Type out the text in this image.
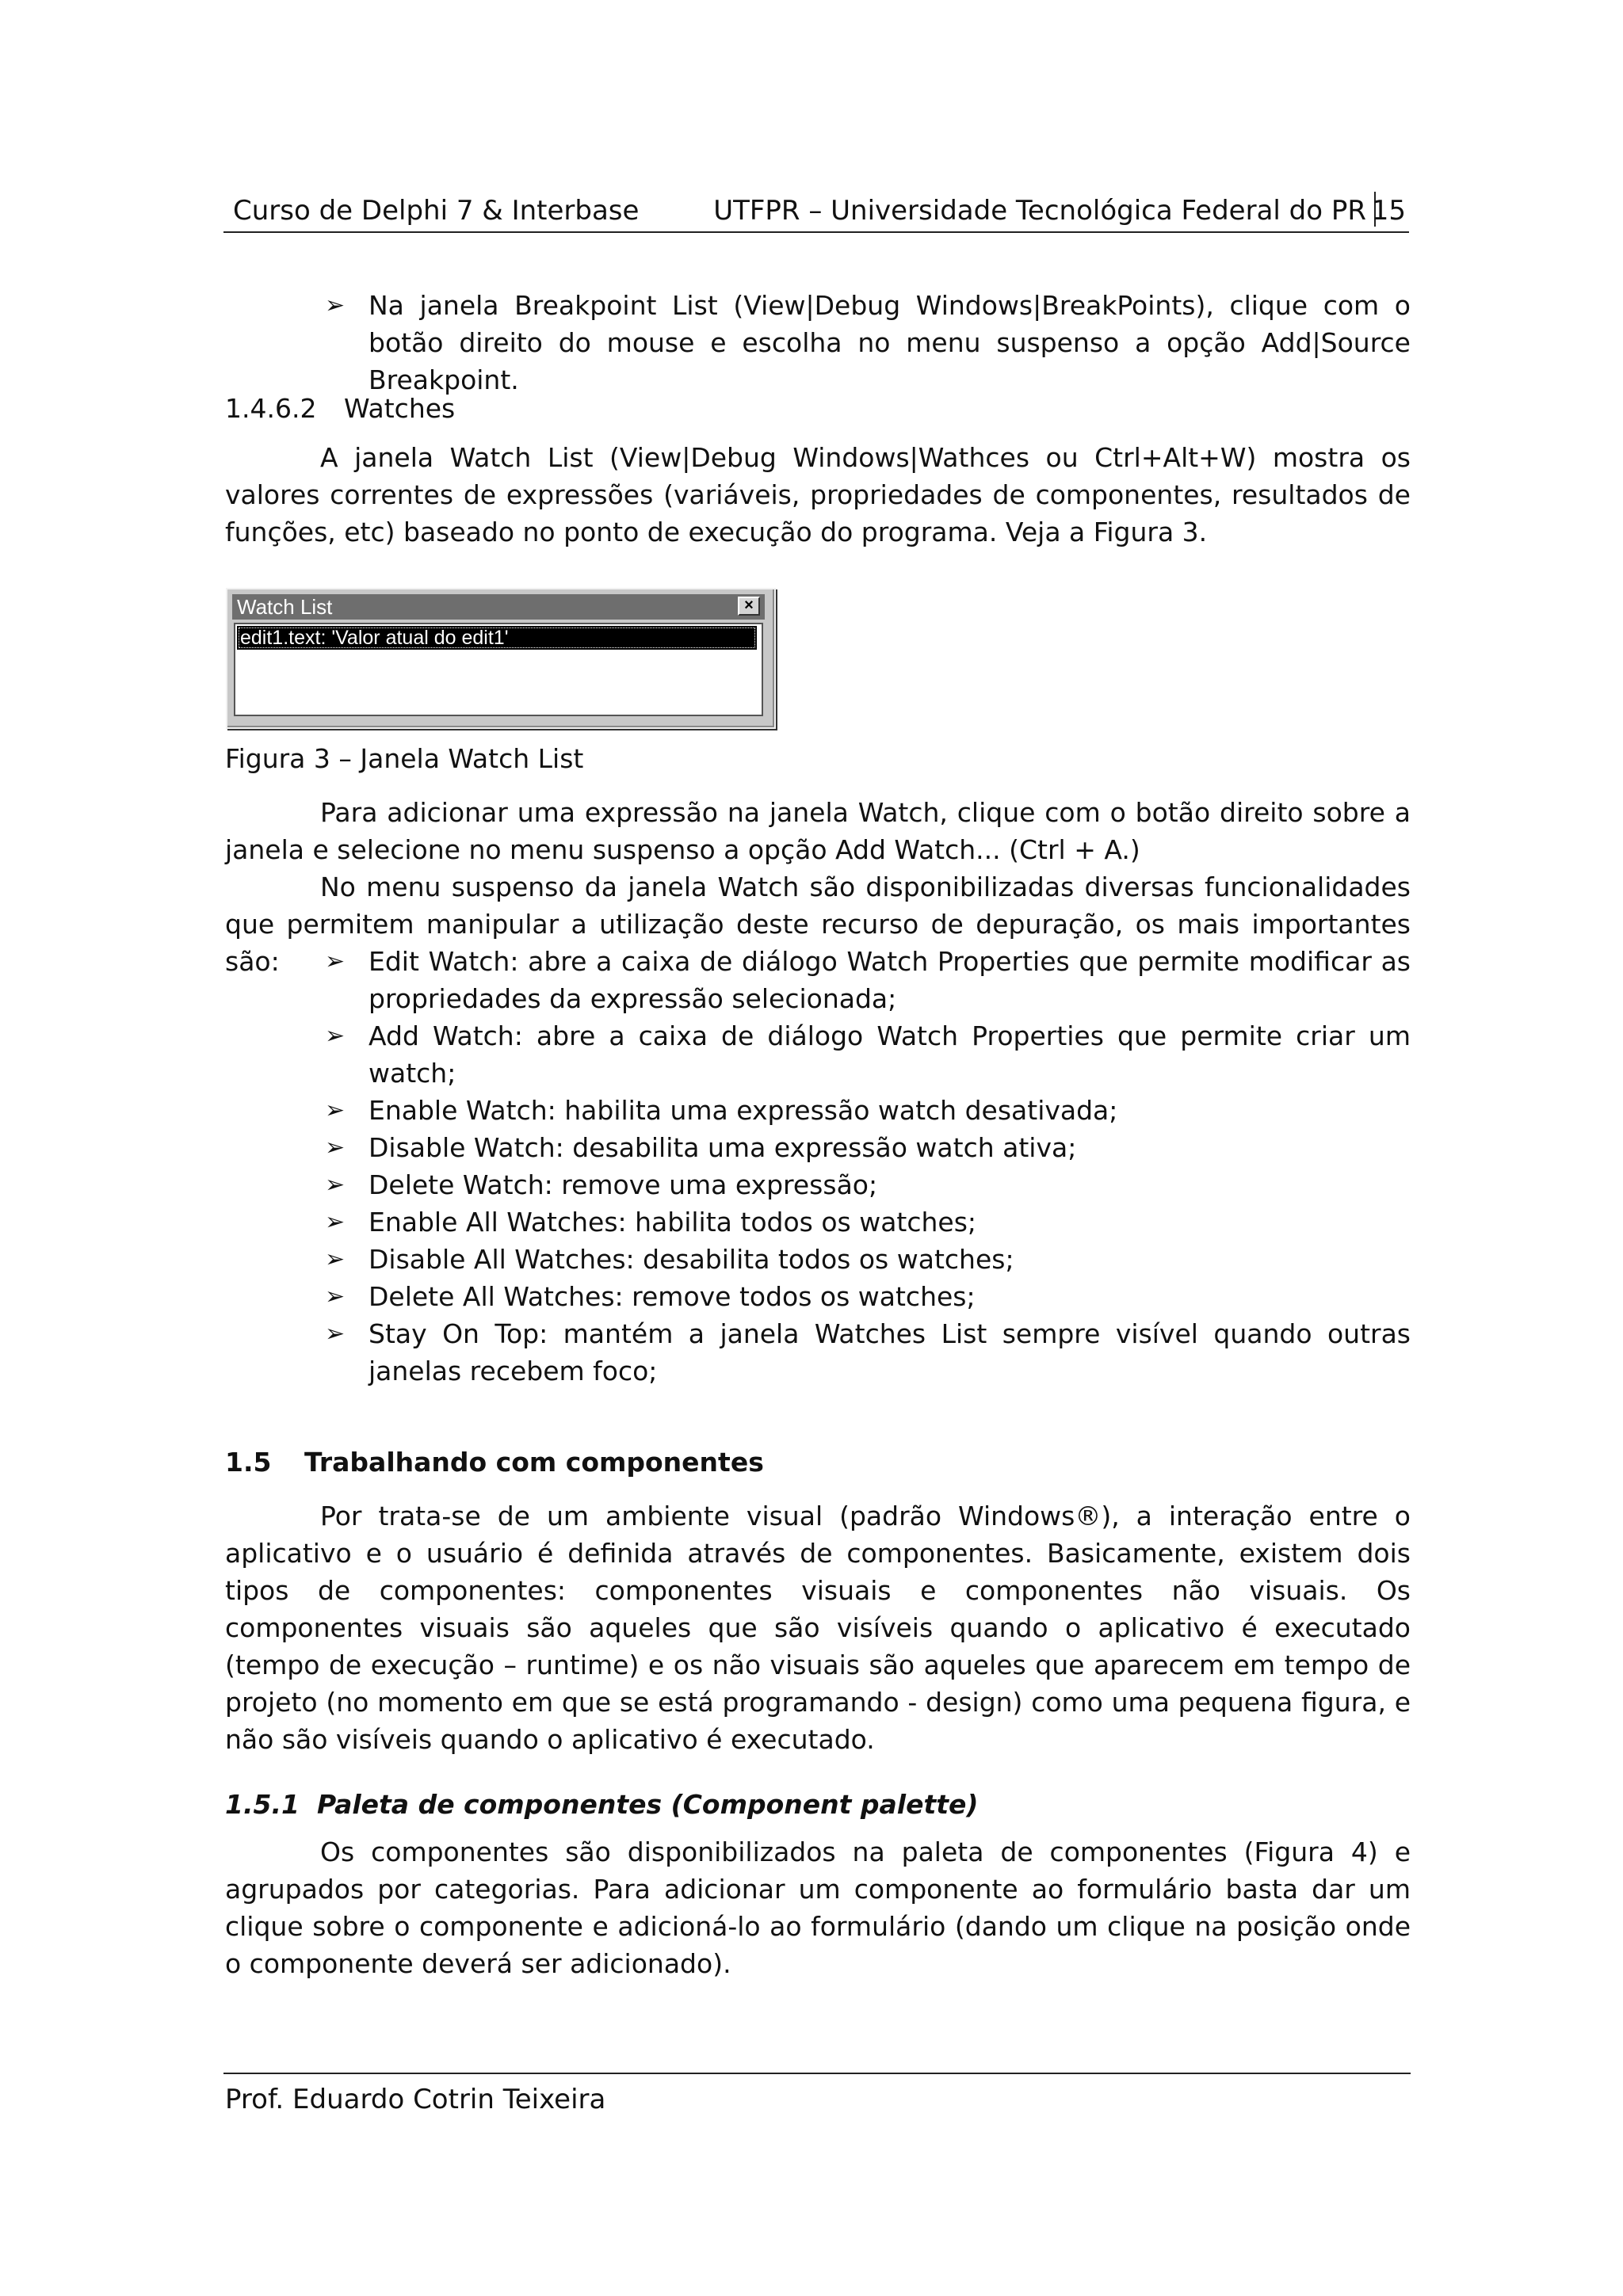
Curso de Delphi 7 & Interbase	UTFPR – Universidade Tecnológica Federal do PR 15
➢ Na janela Breakpoint List (View|Debug Windows|BreakPoints), clique com o botão direito do mouse e escolha no menu suspenso a opção Add|Source Breakpoint.
1.4.6.2 Watches
A janela Watch List (View|Debug Windows|Wathces ou Ctrl+Alt+W) mostra os valores correntes de expressões (variáveis, propriedades de componentes, resultados de funções, etc) baseado no ponto de execução do programa. Veja a Figura 3.
Watch List	×
edit1.text: 'Valor atual do edit1'
Figura 3 – Janela Watch List
Para adicionar uma expressão na janela Watch, clique com o botão direito sobre a janela e selecione no menu suspenso a opção Add Watch... (Ctrl + A.)
No menu suspenso da janela Watch são disponibilizadas diversas funcionalidades que permitem manipular a utilização deste recurso de depuração, os mais importantes são:	➢ Edit Watch: abre a caixa de diálogo Watch Properties que permite modificar as propriedades da expressão selecionada;
➢ Add Watch: abre a caixa de diálogo Watch Properties que permite criar um watch;
➢ Enable Watch: habilita uma expressão watch desativada;
➢ Disable Watch: desabilita uma expressão watch ativa;
➢ Delete Watch: remove uma expressão;
➢ Enable All Watches: habilita todos os watches;
➢ Disable All Watches: desabilita todos os watches;
➢ Delete All Watches: remove todos os watches;
➢ Stay On Top: mantém a janela Watches List sempre visível quando outras janelas recebem foco;
1.5 Trabalhando com componentes
Por trata-se de um ambiente visual (padrão Windows®), a interação entre o aplicativo e o usuário é definida através de componentes. Basicamente, existem dois tipos de componentes: componentes visuais e componentes não visuais. Os componentes visuais são aqueles que são visíveis quando o aplicativo é executado (tempo de execução – runtime) e os não visuais são aqueles que aparecem em tempo de projeto (no momento em que se está programando - design) como uma pequena figura, e não são visíveis quando o aplicativo é executado.
1.5.1 Paleta de componentes (Component palette)
Os componentes são disponibilizados na paleta de componentes (Figura 4) e agrupados por categorias. Para adicionar um componente ao formulário basta dar um clique sobre o componente e adicioná-lo ao formulário (dando um clique na posição onde o componente deverá ser adicionado).
Prof. Eduardo Cotrin Teixeira
